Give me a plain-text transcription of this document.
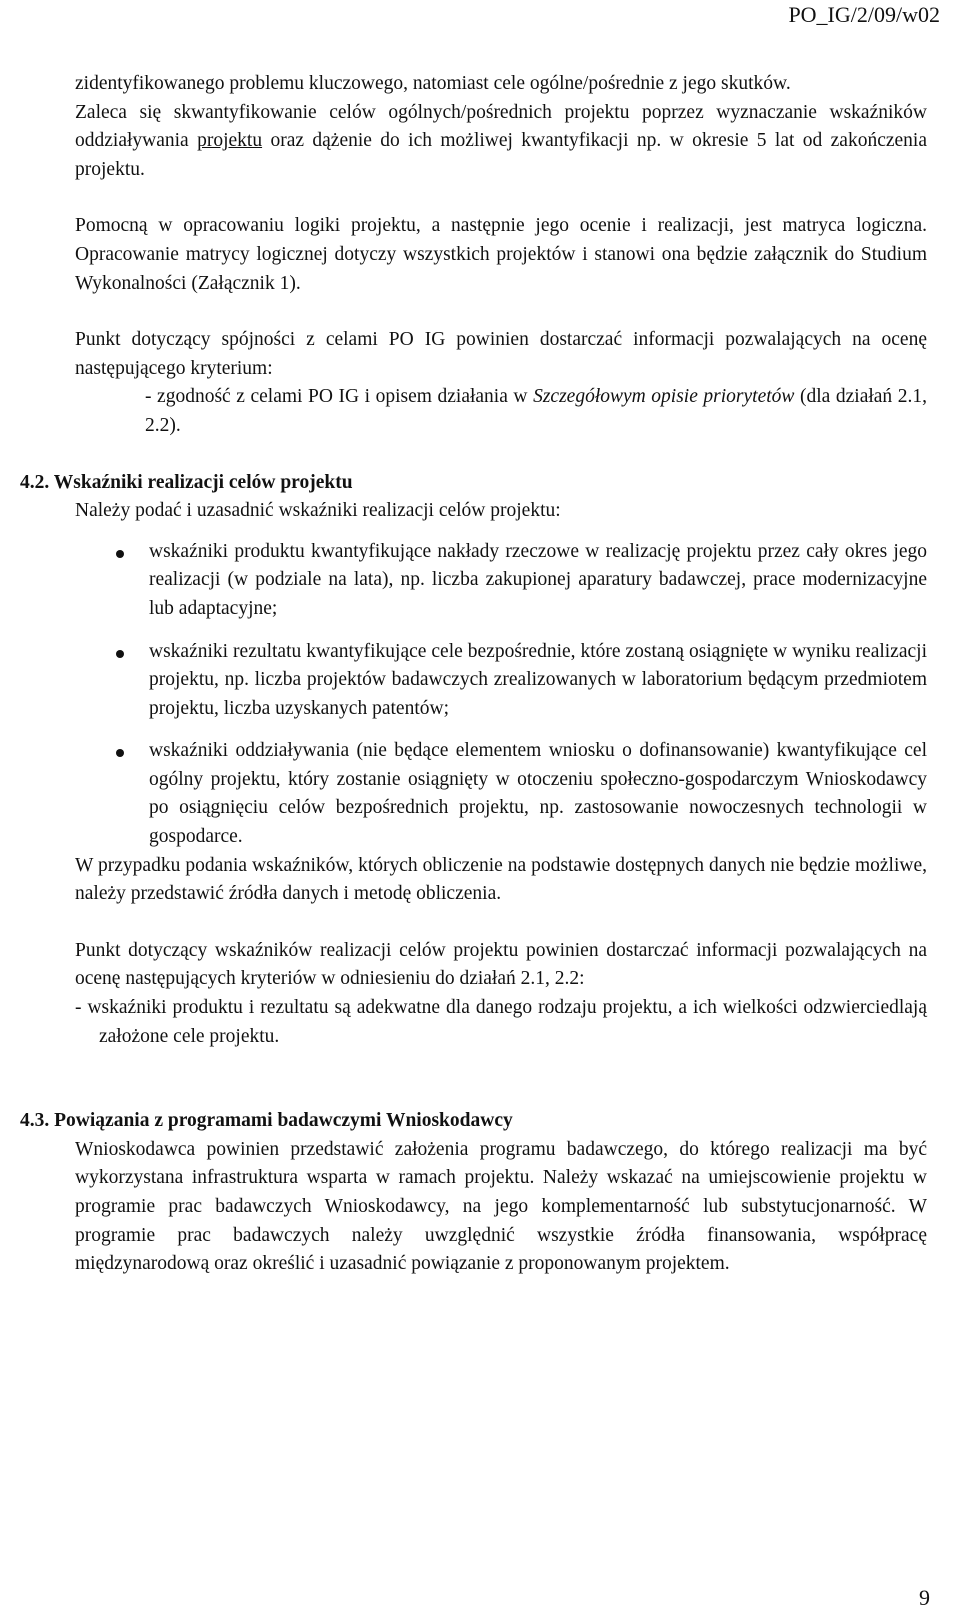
PO_IG/2/09/w02

zidentyfikowanego problemu kluczowego, natomiast cele ogólne/pośrednie z jego skutków.

Zaleca się skwantyfikowanie celów ogólnych/pośrednich projektu poprzez wyznaczanie wskaźników oddziaływania projektu oraz dążenie do ich możliwej kwantyfikacji np. w okresie 5 lat od zakończenia projektu.

Pomocną w opracowaniu logiki projektu, a następnie jego ocenie i realizacji, jest matryca logiczna. Opracowanie matrycy logicznej dotyczy wszystkich projektów i stanowi ona będzie załącznik do Studium Wykonalności (Załącznik 1).

Punkt dotyczący spójności z celami PO IG powinien dostarczać informacji pozwalających na ocenę następującego kryterium:

- zgodność z celami PO IG i opisem działania w Szczegółowym opisie priorytetów (dla działań 2.1, 2.2).

4.2. Wskaźniki realizacji celów projektu

Należy podać i uzasadnić wskaźniki realizacji celów projektu:

wskaźniki produktu kwantyfikujące nakłady rzeczowe w realizację projektu przez cały okres jego realizacji (w podziale na lata), np. liczba zakupionej aparatury badawczej, prace modernizacyjne lub adaptacyjne;
wskaźniki rezultatu kwantyfikujące cele bezpośrednie, które zostaną osiągnięte w wyniku realizacji projektu, np. liczba projektów badawczych zrealizowanych w laboratorium będącym przedmiotem projektu, liczba uzyskanych patentów;
wskaźniki oddziaływania (nie będące elementem wniosku o dofinansowanie) kwantyfikujące cel ogólny projektu, który zostanie osiągnięty w otoczeniu społeczno-gospodarczym Wnioskodawcy po osiągnięciu celów bezpośrednich projektu, np. zastosowanie nowoczesnych technologii w gospodarce.

W przypadku podania wskaźników, których obliczenie na podstawie dostępnych danych nie będzie możliwe, należy przedstawić źródła danych i metodę obliczenia.

Punkt dotyczący wskaźników realizacji celów projektu powinien dostarczać informacji pozwalających na ocenę następujących kryteriów w odniesieniu do działań 2.1, 2.2:

- wskaźniki produktu i rezultatu są adekwatne dla danego rodzaju projektu, a ich wielkości odzwierciedlają założone cele projektu.

4.3. Powiązania z programami badawczymi Wnioskodawcy

Wnioskodawca powinien przedstawić założenia programu badawczego, do którego realizacji ma być wykorzystana infrastruktura wsparta w ramach projektu. Należy wskazać na umiejscowienie projektu w programie prac badawczych Wnioskodawcy, na jego komplementarność lub substytucjonarność. W programie prac badawczych należy uwzględnić wszystkie źródła finansowania, współpracę międzynarodową oraz określić i uzasadnić powiązanie z proponowanym projektem.

9
